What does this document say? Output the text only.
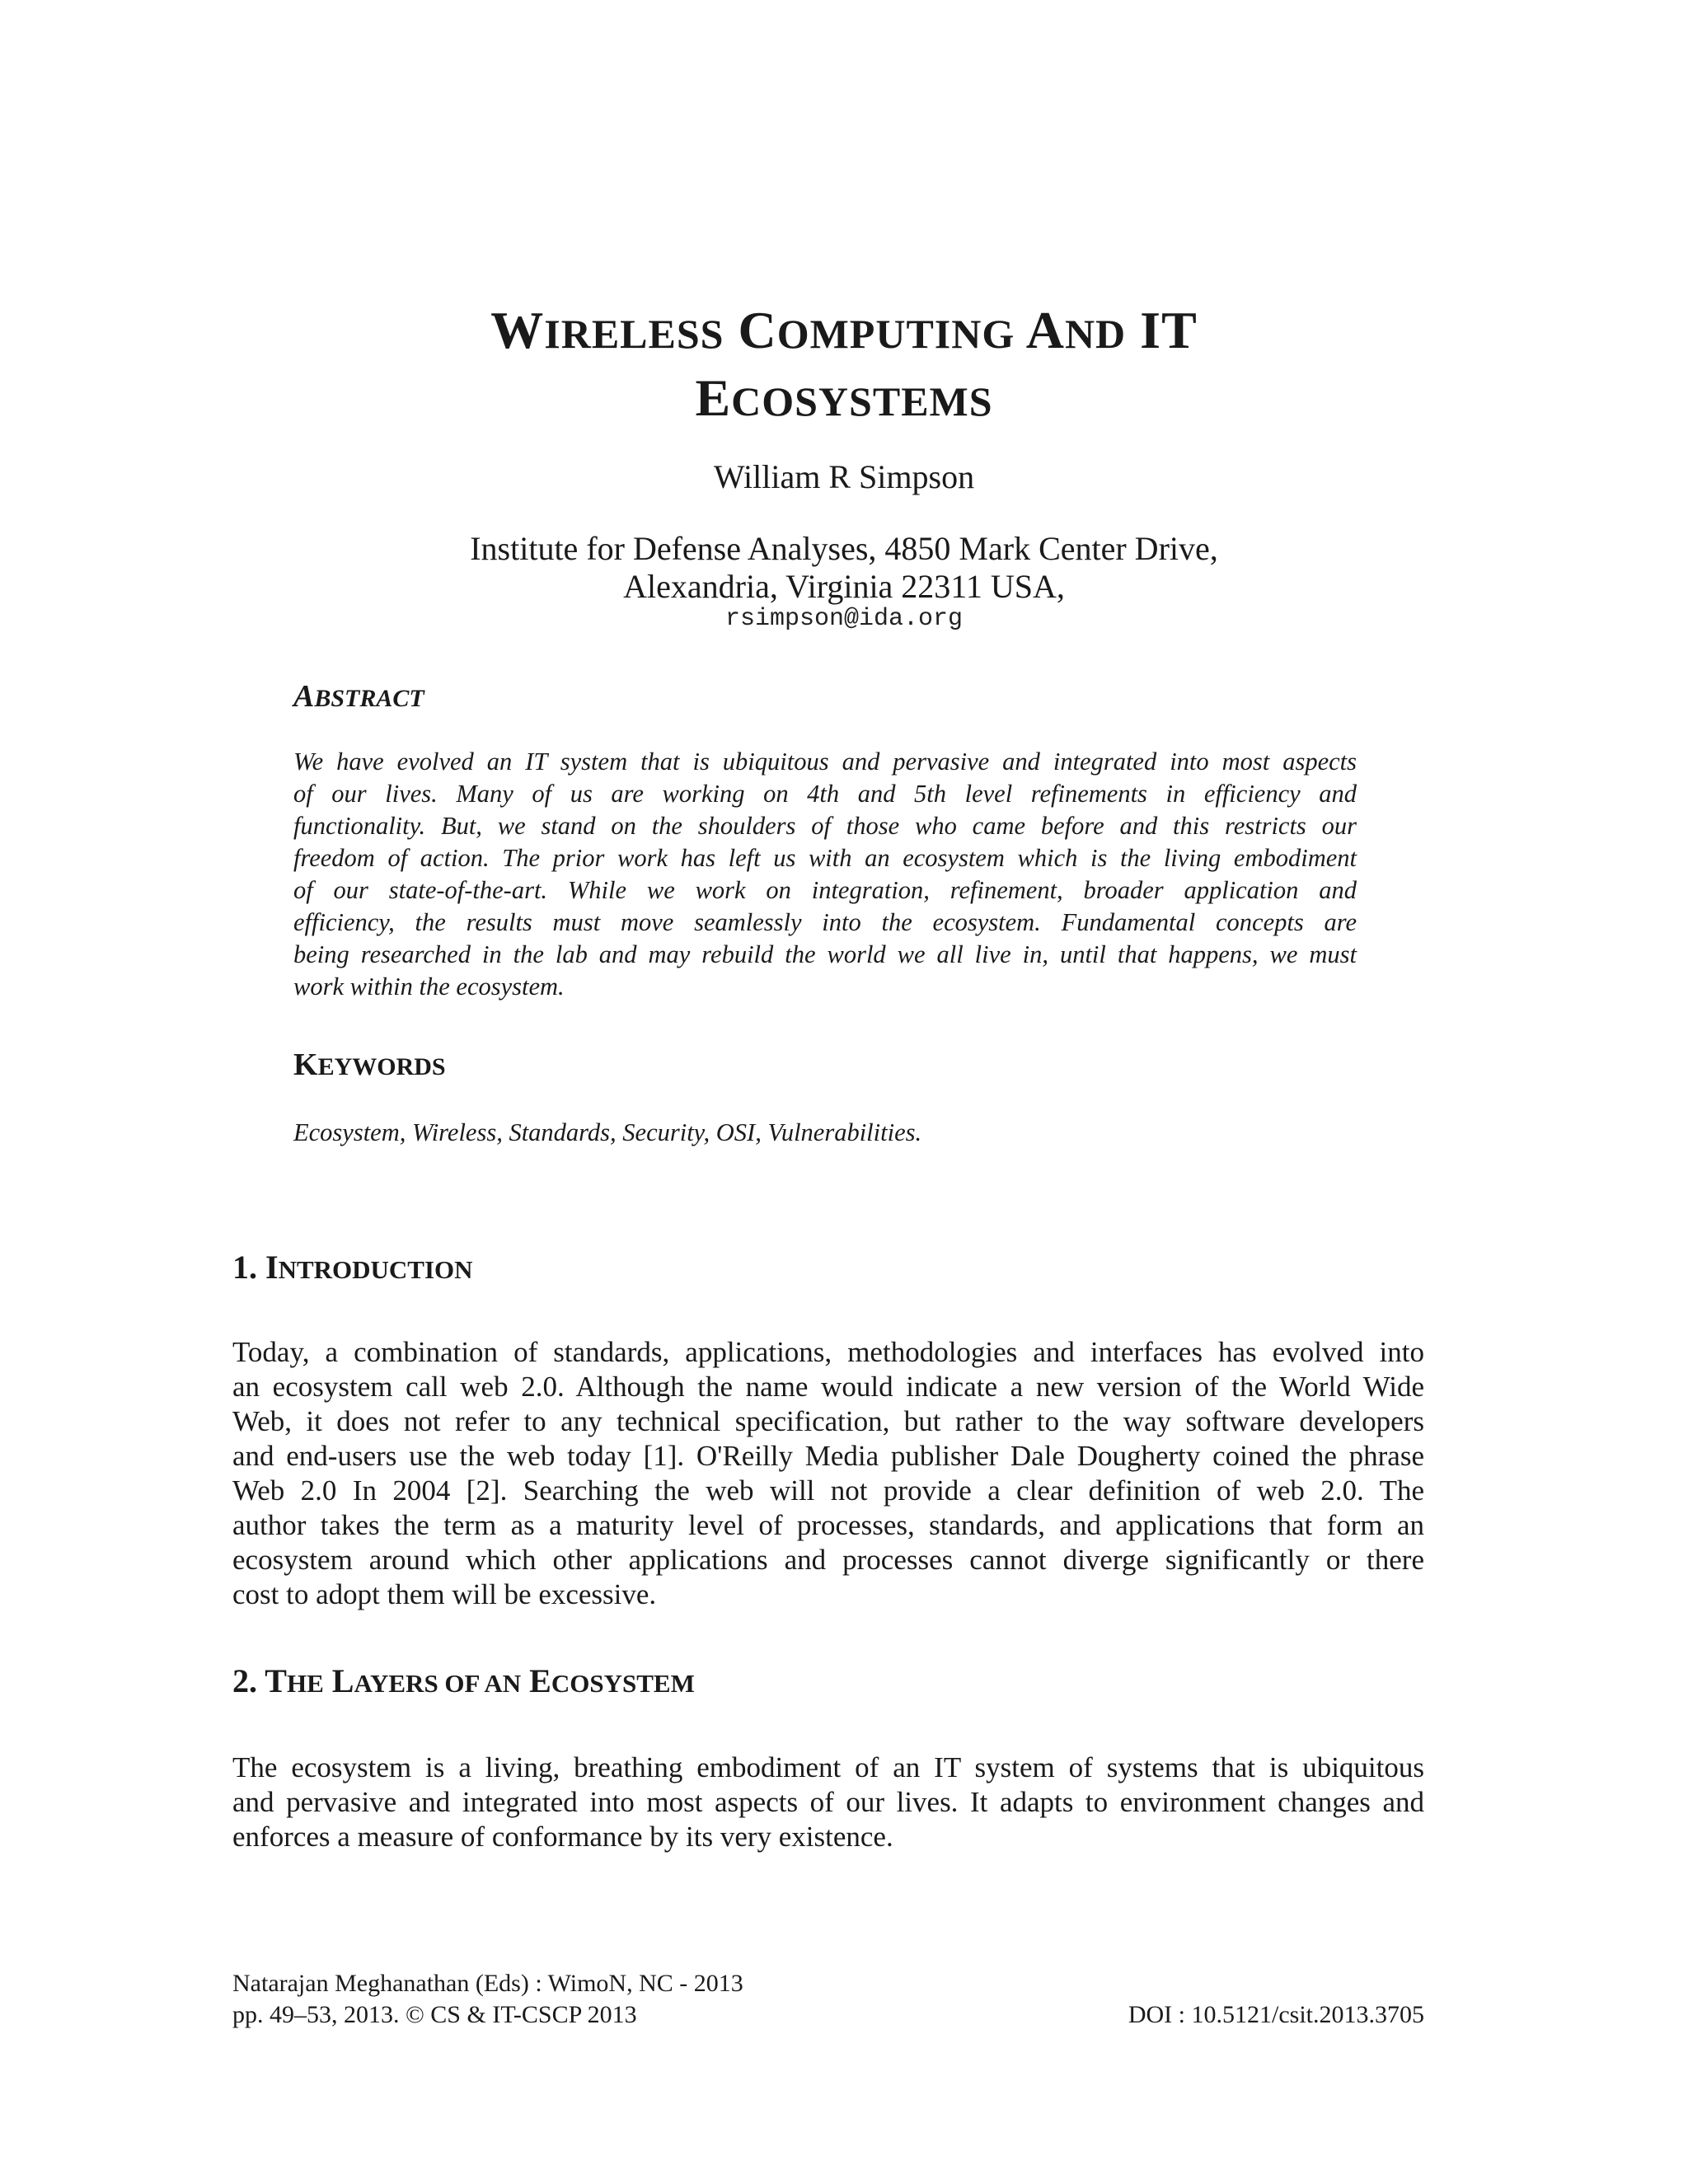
WIRELESS COMPUTING AND IT
ECOSYSTEMS
William R Simpson
Institute for Defense Analyses, 4850 Mark Center Drive,
Alexandria, Virginia 22311 USA,
rsimpson@ida.org
ABSTRACT
We have evolved an IT system that is ubiquitous and pervasive and integrated into most aspects
of our lives. Many of us are working on 4th and 5th level refinements in efficiency and
functionality. But, we stand on the shoulders of those who came before and this restricts our
freedom of action. The prior work has left us with an ecosystem which is the living embodiment
of our state-of-the-art. While we work on integration, refinement, broader application and
efficiency, the results must move seamlessly into the ecosystem. Fundamental concepts are
being researched in the lab and may rebuild the world we all live in, until that happens, we must
work within the ecosystem.
KEYWORDS
Ecosystem, Wireless, Standards, Security, OSI, Vulnerabilities.
1. INTRODUCTION
Today, a combination of standards, applications, methodologies and interfaces has evolved into
an ecosystem call web 2.0. Although the name would indicate a new version of the World Wide
Web, it does not refer to any technical specification, but rather to the way software developers
and end-users use the web today [1]. O'Reilly Media publisher Dale Dougherty coined the phrase
Web 2.0 In 2004 [2]. Searching the web will not provide a clear definition of web 2.0. The
author takes the term as a maturity level of processes, standards, and applications that form an
ecosystem around which other applications and processes cannot diverge significantly or there
cost to adopt them will be excessive.
2. THE LAYERS OF AN ECOSYSTEM
The ecosystem is a living, breathing embodiment of an IT system of systems that is ubiquitous
and pervasive and integrated into most aspects of our lives. It adapts to environment changes and
enforces a measure of conformance by its very existence.
Natarajan Meghanathan (Eds) : WimoN, NC - 2013
pp. 49–53, 2013. © CS & IT-CSCP 2013	DOI : 10.5121/csit.2013.3705
